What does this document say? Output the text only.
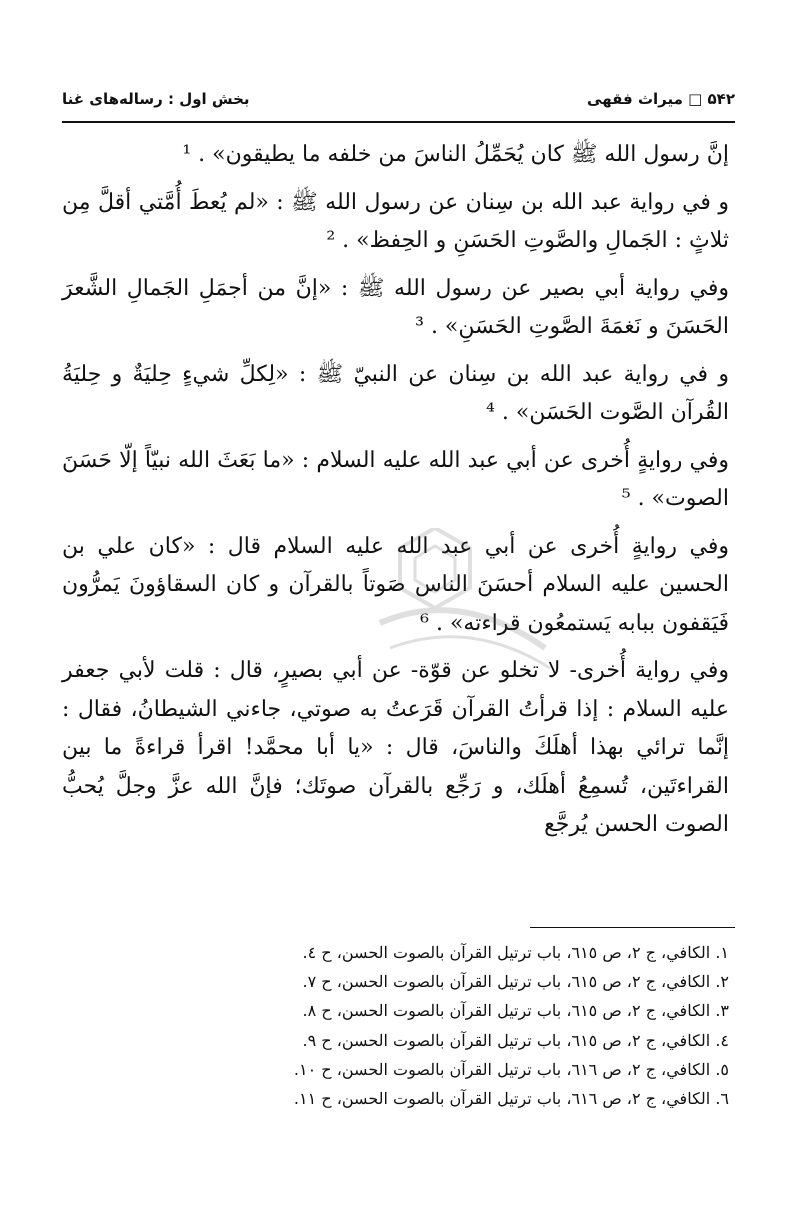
۵۴۲ □ میراث فقهی
بخش اول : رساله‌های غنا

إنَّ رسول الله ﷺ كان يُحَمِّلُ الناسَ من خلفه ما يطيقون» . ¹

و في رواية عبد الله بن سِنان عن رسول الله ﷺ : «لم يُعطَ أُمَّتي أقلَّ مِن ثلاثٍ : الجَمالِ والصَّوتِ الحَسَنِ و الحِفظ» . ²

وفي رواية أبي بصير عن رسول الله ﷺ : «إنَّ من أجمَلِ الجَمالِ الشَّعرَ الحَسَنَ و نَغمَةَ الصَّوتِ الحَسَنِ» . ³

و في رواية عبد الله بن سِنان عن النبيّ ﷺ : «لِكلِّ شيءٍ حِليَةٌ و حِليَةُ القُرآن الصَّوت الحَسَن» . ⁴

وفي روايةٍ أُخرى عن أبي عبد الله عليه السلام : «ما بَعَثَ الله نبيّاً إلّا حَسَنَ الصوت» . ⁵

وفي روايةٍ أُخرى عن أبي عبد الله عليه السلام قال : «كان علي بن الحسين عليه السلام أحسَنَ الناس صَوتاً بالقرآن و كان السقاؤونَ يَمرُّون فَيَقفون ببابه يَستمعُون قراءته» . ⁶

وفي رواية أُخرى- لا تخلو عن قوّة- عن أبي بصيرٍ، قال : قلت لأبي جعفر عليه السلام : إذا قرأتُ القرآن قَرَعتُ به صوتي، جاءني الشيطانُ، فقال : إنَّما ترائي بهذا أهلَكَ والناسَ، قال : «يا أبا محمَّد! اقرأ قراءةً ما بين القراءتَين، تُسمِعُ أهلَك، و رَجِّع بالقرآن صوتَك؛ فإنَّ الله عزَّ وجلَّ يُحبُّ الصوت الحسن يُرجَّع

١. الكافي، ج ٢، ص ٦١٥، باب ترتيل القرآن بالصوت الحسن، ح ٤.

٢. الكافي، ج ٢، ص ٦١٥، باب ترتيل القرآن بالصوت الحسن، ح ٧.

٣. الكافي، ج ٢، ص ٦١٥، باب ترتيل القرآن بالصوت الحسن، ح ٨.

٤. الكافي، ج ٢، ص ٦١٥، باب ترتيل القرآن بالصوت الحسن، ح ٩.

٥. الكافي، ج ٢، ص ٦١٦، باب ترتيل القرآن بالصوت الحسن، ح ١٠.

٦. الكافي، ج ٢، ص ٦١٦، باب ترتيل القرآن بالصوت الحسن، ح ١١.
